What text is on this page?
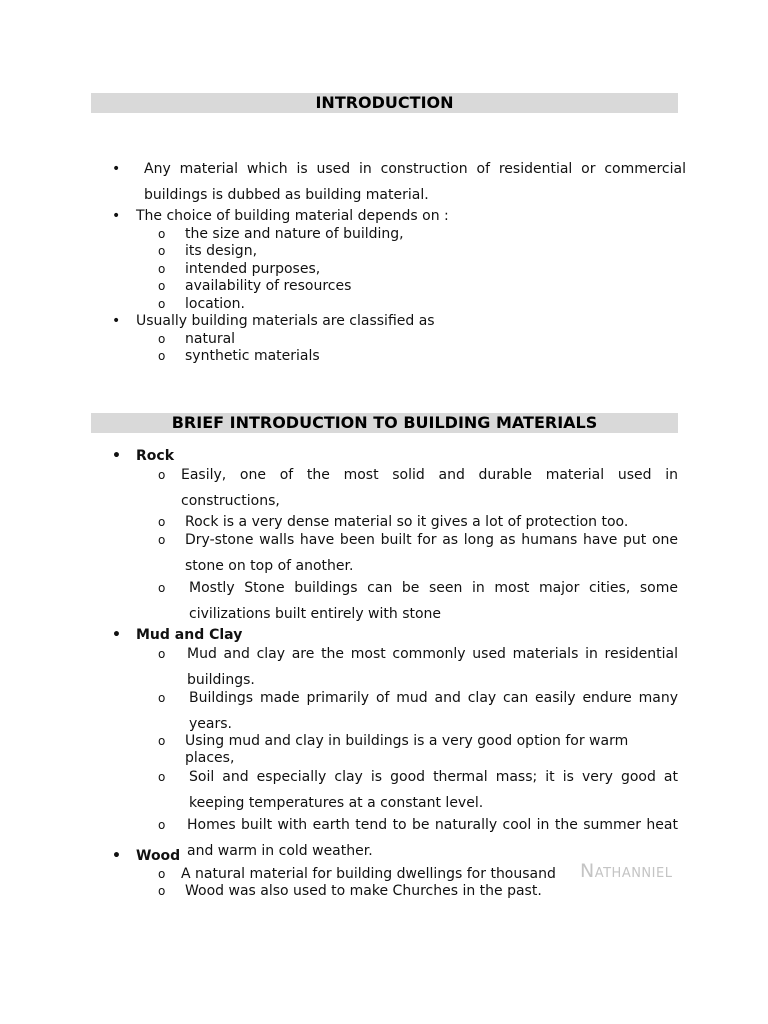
INTRODUCTION
• Any material which is used in construction of residential or commercial buildings is dubbed as building material.
• The choice of building material depends on :
o the size and nature of building,
o its design,
o intended purposes,
o availability of resources
o location.
• Usually building materials are classified as
o natural
o synthetic materials
BRIEF INTRODUCTION TO BUILDING MATERIALS
• Rock
o Easily, one of the most solid and durable material used in constructions,
o Rock is a very dense material so it gives a lot of protection too.
o Dry-stone walls have been built for as long as humans have put one stone on top of another.
o Mostly Stone buildings can be seen in most major cities, some civilizations built entirely with stone
• Mud and Clay
o Mud and clay are the most commonly used materials in residential buildings.
o Buildings made primarily of mud and clay can easily endure many years.
o Using mud and clay in buildings is a very good option for warm places,
o Soil and especially clay is good thermal mass; it is very good at keeping temperatures at a constant level.
o Homes built with earth tend to be naturally cool in the summer heat and warm in cold weather.
• Wood
o A natural material for building dwellings for thousand
o Wood was also used to make Churches in the past.
Nathanniel
